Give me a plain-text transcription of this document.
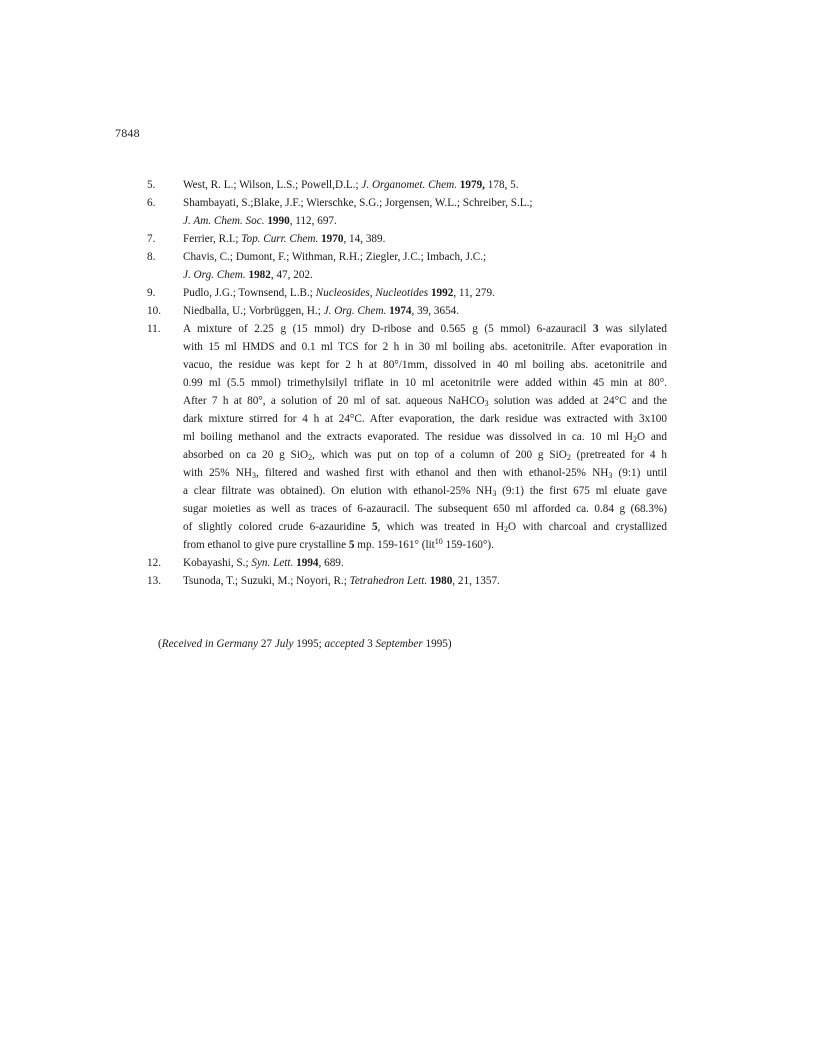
7848
5.	West, R. L.; Wilson, L.S.; Powell,D.L.; J. Organomet. Chem. 1979, 178, 5.
6.	Shambayati, S.;Blake, J.F.; Wierschke, S.G.; Jorgensen, W.L.; Schreiber, S.L.;
J. Am. Chem. Soc. 1990, 112, 697.
7.	Ferrier, R.I.; Top. Curr. Chem. 1970, 14, 389.
8.	Chavis, C.; Dumont, F.; Withman, R.H.; Ziegler, J.C.; Imbach, J.C.;
J. Org. Chem. 1982, 47, 202.
9.	Pudlo, J.G.; Townsend, L.B.; Nucleosides, Nucleotides 1992, 11, 279.
10.	Niedballa, U.; Vorbrüggen, H.; J. Org. Chem. 1974, 39, 3654.
11.	A mixture of 2.25 g (15 mmol) dry D-ribose and 0.565 g (5 mmol) 6-azauracil 3 was silylated
with 15 ml HMDS and 0.1 ml TCS for 2 h in 30 ml boiling abs. acetonitrile. After evaporation in
vacuo, the residue was kept for 2 h at 80°/1mm, dissolved in 40 ml boiling abs. acetonitrile and
0.99 ml (5.5 mmol) trimethylsilyl triflate in 10 ml acetonitrile were added within 45 min at 80°.
After 7 h at 80°, a solution of 20 ml of sat. aqueous NaHCO$_3$ solution was added at 24°C and the
dark mixture stirred for 4 h at 24°C. After evaporation, the dark residue was extracted with 3x100
ml boiling methanol and the extracts evaporated. The residue was dissolved in ca. 10 ml $H_2O$ and
absorbed on ca 20 g SiO$_2$, which was put on top of a column of 200 g SiO$_2$ (pretreated for 4 h
with 25% $NH_3$, filtered and washed first with ethanol and then with ethanol-25% $NH_3$ (9:1) until
a clear filtrate was obtained). On elution with ethanol-25% $NH_3$ (9:1) the first 675 ml eluate gave
sugar moieties as well as traces of 6-azauracil. The subsequent 650 ml afforded ca. 0.84 g (68.3%)
of slightly colored crude 6-azauridine 5, which was treated in $H_2O$ with charcoal and crystallized
from ethanol to give pure crystalline 5 mp. 159-161° (lit$^{10}$ 159-160°).
12.	Kobayashi, S.; Syn. Lett. 1994, 689.
13.	Tsunoda, T.; Suzuki, M.; Noyori, R.; Tetrahedron Lett. 1980, 21, 1357.
(Received in Germany 27 July 1995; accepted 3 September 1995)
